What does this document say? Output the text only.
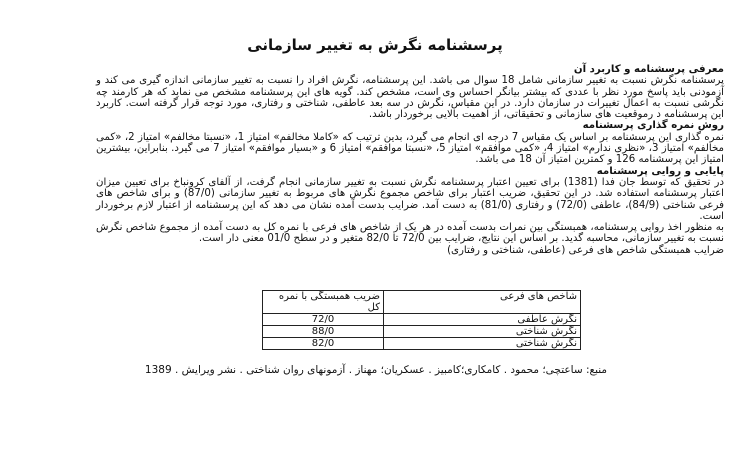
پرسشنامه نگرش به تغییر سازمانی

معرفی پرسشنامه و کاربرد آن

پرسشنامه نگرش نسبت به تغییر سازمانی شامل 18 سوال می باشد. این پرسشنامه، نگرش افراد را نسبت به تغییر سازمانی اندازه گیری می کند و آزمودنی باید پاسخ مورد نظر با عددی که بیشتر بیانگر احساس وی است، مشخص کند. گویه های این پرسشنامه مشخص می نماید که هر کارمند چه نگرشی نسبت به اعمال تغییرات در سازمان دارد. در این مقیاس، نگرش در سه بعد عاطفی، شناختی و رفتاری، مورد توجه قرار گرفته است. کاربرد این پرسشنامه د رموقعیت های سازمانی و تحقیقاتی، از اهمیت بالایی برخوردار باشد.

روش نمره گذاری پرسشنامه

نمره گذاری این پرسشنامه بر اساس یک مقیاس 7 درجه ای انجام می گیرد، بدین ترتیب که «کاملا مخالفم» امتیاز 1، «نسبتا مخالفم» امتیاز 2، «کمی مخالفم» امتیاز 3، «نظری ندارم» امتیاز 4، «کمی موافقم» امتیاز 5، «نسبتا موافقم» امتیاز 6 و «بسیار موافقم» امتیاز 7 می گیرد. بنابراین، بیشترین امتیاز این پرسشنامه 126 و کمترین امتیاز آن 18 می باشد.

پایایی و روایی پرسشنامه

در تحقیق که توسط جان فدا (1381) برای تعیین اعتبار پرسشنامه نگرش نسبت به تغییر سازمانی انجام گرفت، از آلفای کرونباخ برای تعیین میزان اعتبار پرسشنامه استفاده شد. در این تحقیق، ضریب اعتبار برای شاخص مجموع نگرش های مربوط به تغییر سازمانی (87/0) و برای شاخص های فرعی شناختی (84/9)، عاطفی (72/0) و رفتاری (81/0) به دست آمد. ضرایب بدست آمده نشان می دهد که این پرسشنامه از اعتبار لازم برخوردار است.

به منظور اخذ روایی پرسشنامه، همبستگی بین نمرات بدست آمده در هر یک از شاخص های فرعی با نمره کل به دست آمده از مجموع شاخص نگرش نسبت به تغییر سازمانی، محاسبه گدید. بر اساس این نتایج، ضرایب بین 72/0 تا 82/0 متغیر و در سطح 01/0 معنی دار است.

ضرایب همبستگی شاخص های فرعی (عاطفی، شناختی و رفتاری)

شاخص های فرعی	ضریب همبستگی با نمره کل
نگرش عاطفی	72/0
نگرش شناختی	88/0
نگرش شناختی	82/0
منبع: ساعتچی؛ محمود . کامکاری؛کامبیز . عسکریان؛ مهناز . آزمونهای روان شناختی . نشر ویرایش . 1389
